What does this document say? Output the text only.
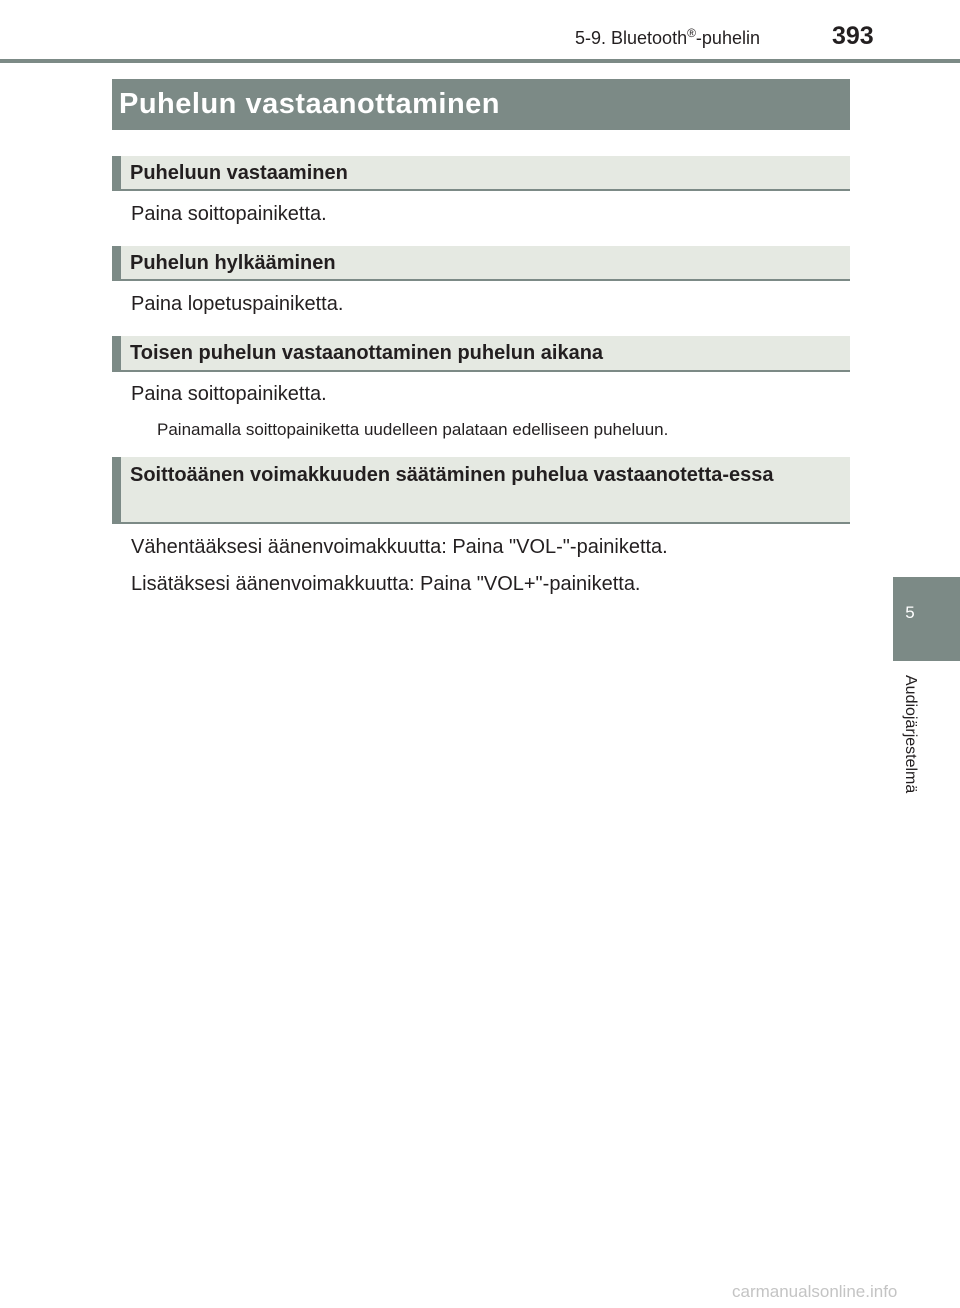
5-9. Bluetooth®-puhelin	393
Puhelun vastaanottaminen
Puheluun vastaaminen
Paina soittopainiketta.
Puhelun hylkääminen
Paina lopetuspainiketta.
Toisen puhelun vastaanottaminen puhelun aikana
Paina soittopainiketta.
Painamalla soittopainiketta uudelleen palataan edelliseen puheluun.
Soittoäänen voimakkuuden säätäminen puhelua vastaanotetta-essa
Vähentääksesi äänenvoimakkuutta: Paina "VOL-"-painiketta.
Lisätäksesi äänenvoimakkuutta: Paina "VOL+"-painiketta.
5
Audiojärjestelmä
carmanualsonline.info
